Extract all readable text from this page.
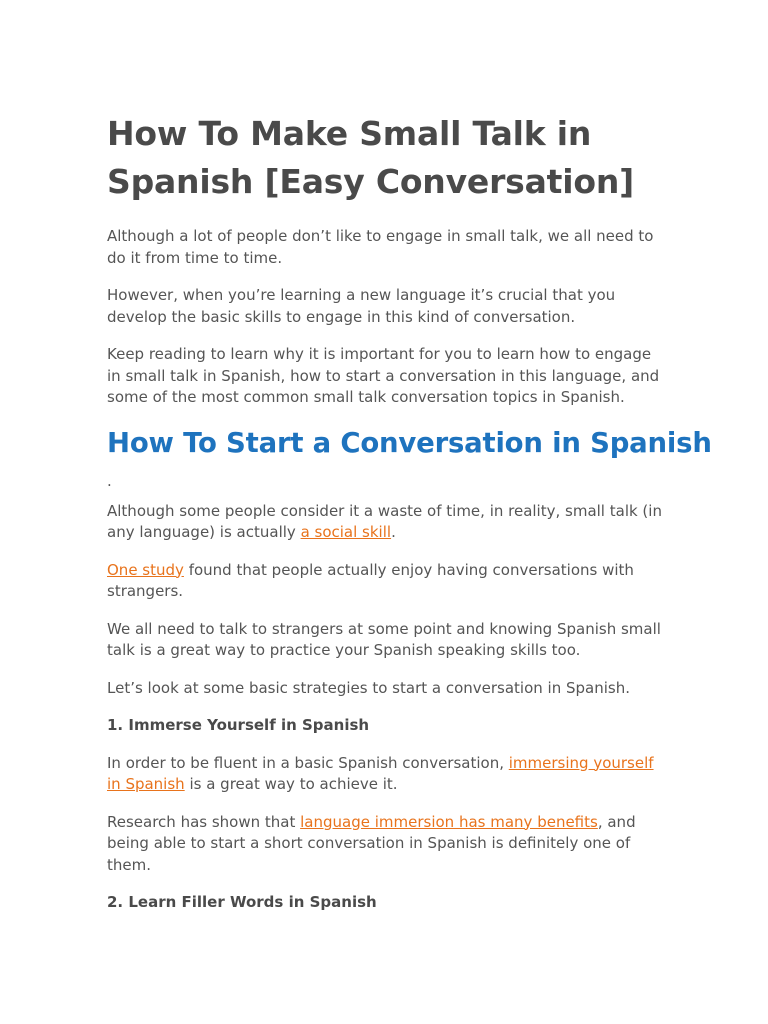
How To Make Small Talk in Spanish [Easy Conversation]

Although a lot of people don’t like to engage in small talk, we all need to do it from time to time.

However, when you’re learning a new language it’s crucial that you develop the basic skills to engage in this kind of conversation.

Keep reading to learn why it is important for you to learn how to engage in small talk in Spanish, how to start a conversation in this language, and some of the most common small talk conversation topics in Spanish.

How To Start a Conversation in Spanish

.

Although some people consider it a waste of time, in reality, small talk (in any language) is actually a social skill.

One study found that people actually enjoy having conversations with strangers.

We all need to talk to strangers at some point and knowing Spanish small talk is a great way to practice your Spanish speaking skills too.

Let’s look at some basic strategies to start a conversation in Spanish.

1. Immerse Yourself in Spanish

In order to be fluent in a basic Spanish conversation, immersing yourself in Spanish is a great way to achieve it.

Research has shown that language immersion has many benefits, and being able to start a short conversation in Spanish is definitely one of them.

2. Learn Filler Words in Spanish
